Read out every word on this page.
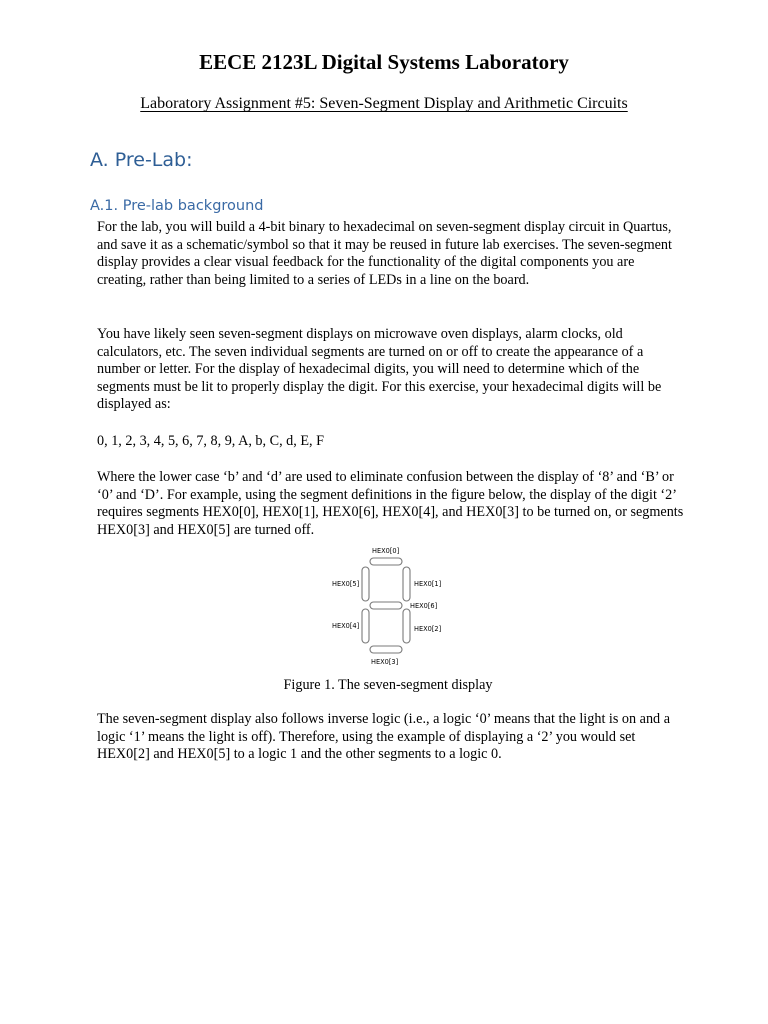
EECE 2123L Digital Systems Laboratory
Laboratory Assignment #5: Seven-Segment Display and Arithmetic Circuits
A. Pre-Lab:
A.1. Pre-lab background

For the lab, you will build a 4-bit binary to hexadecimal on seven-segment display circuit in Quartus, and save it as a schematic/symbol so that it may be reused in future lab exercises. The seven-segment display provides a clear visual feedback for the functionality of the digital components you are creating, rather than being limited to a series of LEDs in a line on the board.

You have likely seen seven-segment displays on microwave oven displays, alarm clocks, old calculators, etc. The seven individual segments are turned on or off to create the appearance of a number or letter. For the display of hexadecimal digits, you will need to determine which of the segments must be lit to properly display the digit. For this exercise, your hexadecimal digits will be displayed as:

0, 1, 2, 3, 4, 5, 6, 7, 8, 9, A, b, C, d, E, F

Where the lower case ‘b’ and ‘d’ are used to eliminate confusion between the display of ‘8’ and ‘B’ or ‘0’ and ‘D’. For example, using the segment definitions in the figure below, the display of the digit ‘2’ requires segments HEX0[0], HEX0[1], HEX0[6], HEX0[4], and HEX0[3] to be turned on, or segments HEX0[3] and HEX0[5] are turned off.

HEX0[0]
HEX0[1]
HEX0[5]
HEX0[6]
HEX0[4]	HEX0[2]
HEX0[3]
Figure 1. The seven-segment display

The seven-segment display also follows inverse logic (i.e., a logic ‘0’ means that the light is on and a logic ‘1’ means the light is off). Therefore, using the example of displaying a ‘2’ you would set HEX0[2] and HEX0[5] to a logic 1 and the other segments to a logic 0.
